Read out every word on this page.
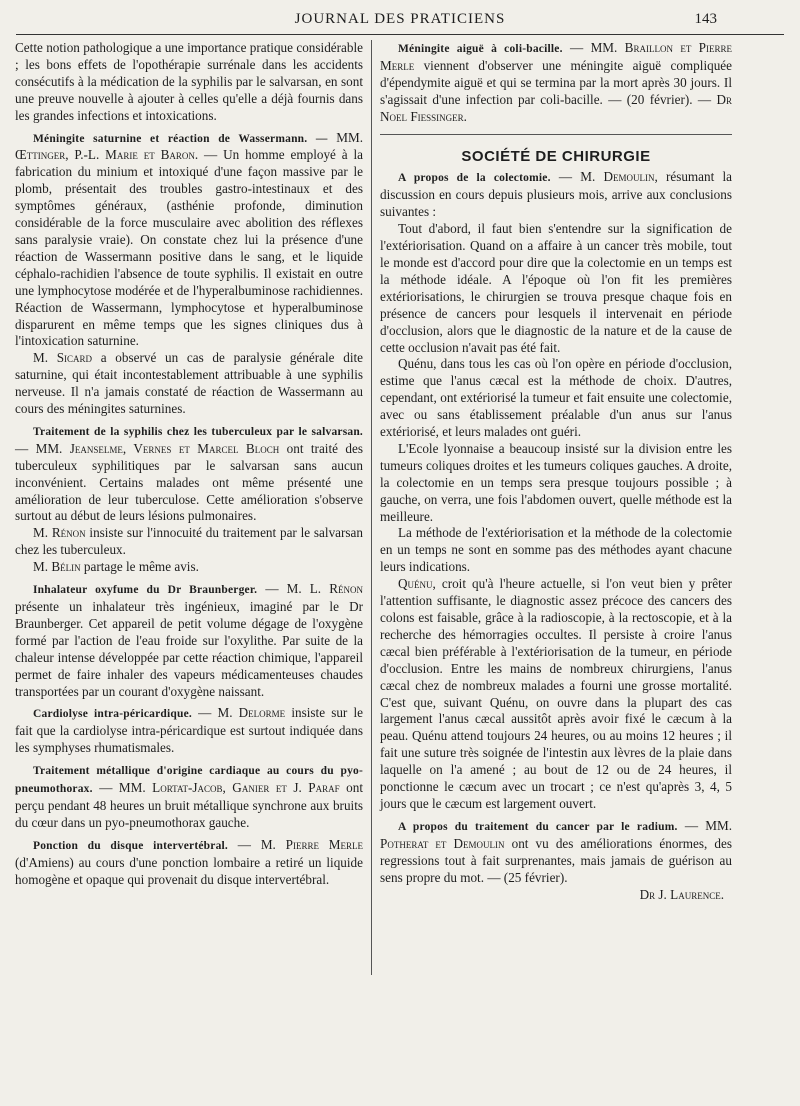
JOURNAL DES PRATICIENS	143

Cette notion pathologique a une importance pratique considérable ; les bons effets de l'opothérapie surrénale dans les accidents consécutifs à la médication de la syphilis par le salvarsan, en sont une preuve nouvelle à ajouter à celles qu'elle a déjà fournis dans les grandes infections et intoxications.

Méningite saturnine et réaction de Wassermann. — MM. Œttinger, P.-L. Marie et Baron. — Un homme employé à la fabrication du minium et intoxiqué d'une façon massive par le plomb, présentait des troubles gastro-intestinaux et des symptômes généraux, (asthénie profonde, diminution considérable de la force musculaire avec abolition des réflexes sans paralysie vraie). On constate chez lui la présence d'une réaction de Wassermann positive dans le sang, et le liquide céphalo-rachidien l'absence de toute syphilis. Il existait en outre une lymphocytose modérée et de l'hyperalbuminose rachidiennes. Réaction de Wassermann, lymphocytose et hyperalbuminose disparurent en même temps que les signes cliniques dus à l'intoxication saturnine.

M. Sicard a observé un cas de paralysie générale dite saturnine, qui était incontestablement attribuable à une syphilis nerveuse. Il n'a jamais constaté de réaction de Wassermann au cours des méningites saturnines.

Traitement de la syphilis chez les tuberculeux par le salvarsan. — MM. Jeanselme, Vernes et Marcel Bloch ont traité des tuberculeux syphilitiques par le salvarsan sans aucun inconvénient. Certains malades ont même présenté une amélioration de leur tuberculose. Cette amélioration s'observe surtout au début de leurs lésions pulmonaires.

M. Rénon insiste sur l'innocuité du traitement par le salvarsan chez les tuberculeux.

M. Bélin partage le même avis.

Inhalateur oxyfume du Dr Braunberger. — M. L. Rénon présente un inhalateur très ingénieux, imaginé par le Dr Braunberger. Cet appareil de petit volume dégage de l'oxygène formé par l'action de l'eau froide sur l'oxylithe. Par suite de la chaleur intense développée par cette réaction chimique, l'appareil permet de faire inhaler des vapeurs médicamenteuses chaudes transportées par un courant d'oxygène naissant.

Cardiolyse intra-péricardique. — M. Delorme insiste sur le fait que la cardiolyse intra-péricardique est surtout indiquée dans les symphyses rhumatismales.

Traitement métallique d'origine cardiaque au cours du pyo-pneumothorax. — MM. Lortat-Jacob, Ganier et J. Paraf ont perçu pendant 48 heures un bruit métallique synchrone aux bruits du cœur dans un pyo-pneumothorax gauche.

Ponction du disque intervertébral. — M. Pierre Merle (d'Amiens) au cours d'une ponction lombaire a retiré un liquide homogène et opaque qui provenait du disque intervertébral.

Méningite aiguë à coli-bacille. — MM. Braillon et Pierre Merle viennent d'observer une méningite aiguë compliquée d'épendymite aiguë et qui se termina par la mort après 30 jours. Il s'agissait d'une infection par coli-bacille. — (20 février). — Dr Noel Fiessinger.

SOCIÉTÉ DE CHIRURGIE

A propos de la colectomie. — M. Demoulin, résumant la discussion en cours depuis plusieurs mois, arrive aux conclusions suivantes :

Tout d'abord, il faut bien s'entendre sur la signification de l'extériorisation. Quand on a affaire à un cancer très mobile, tout le monde est d'accord pour dire que la colectomie en un temps est la méthode idéale. A l'époque où l'on fit les premières extériorisations, le chirurgien se trouva presque chaque fois en présence de cancers pour lesquels il intervenait en période d'occlusion, alors que le diagnostic de la nature et de la cause de cette occlusion n'avait pas été fait.

Quénu, dans tous les cas où l'on opère en période d'occlusion, estime que l'anus cæcal est la méthode de choix. D'autres, cependant, ont extériorisé la tumeur et fait ensuite une colectomie, avec ou sans établissement préalable d'un anus sur l'anus extériorisé, et leurs malades ont guéri.

L'Ecole lyonnaise a beaucoup insisté sur la division entre les tumeurs coliques droites et les tumeurs coliques gauches. A droite, la colectomie en un temps sera presque toujours possible ; à gauche, on verra, une fois l'abdomen ouvert, quelle méthode est la meilleure.

La méthode de l'extériorisation et la méthode de la colectomie en un temps ne sont en somme pas des méthodes ayant chacune leurs indications.

Quénu, croit qu'à l'heure actuelle, si l'on veut bien y prêter l'attention suffisante, le diagnostic assez précoce des cancers des colons est faisable, grâce à la radioscopie, à la rectoscopie, et à la recherche des hémorragies occultes. Il persiste à croire l'anus cæcal bien préférable à l'extériorisation de la tumeur, en période d'occlusion. Entre les mains de nombreux chirurgiens, l'anus cæcal chez de nombreux malades a fourni une grosse mortalité. C'est que, suivant Quénu, on ouvre dans la plupart des cas largement l'anus cæcal aussitôt après avoir fixé le cæcum à la peau. Quénu attend toujours 24 heures, ou au moins 12 heures ; il fait une suture très soignée de l'intestin aux lèvres de la plaie dans laquelle on l'a amené ; au bout de 12 ou de 24 heures, il ponctionne le cæcum avec un trocart ; ce n'est qu'après 3, 4, 5 jours que le cæcum est largement ouvert.

A propos du traitement du cancer par le radium. — MM. Potherat et Demoulin ont vu des améliorations énormes, des regressions tout à fait surprenantes, mais jamais de guérison au sens propre du mot. — (25 février).

Dr J. Laurence.
